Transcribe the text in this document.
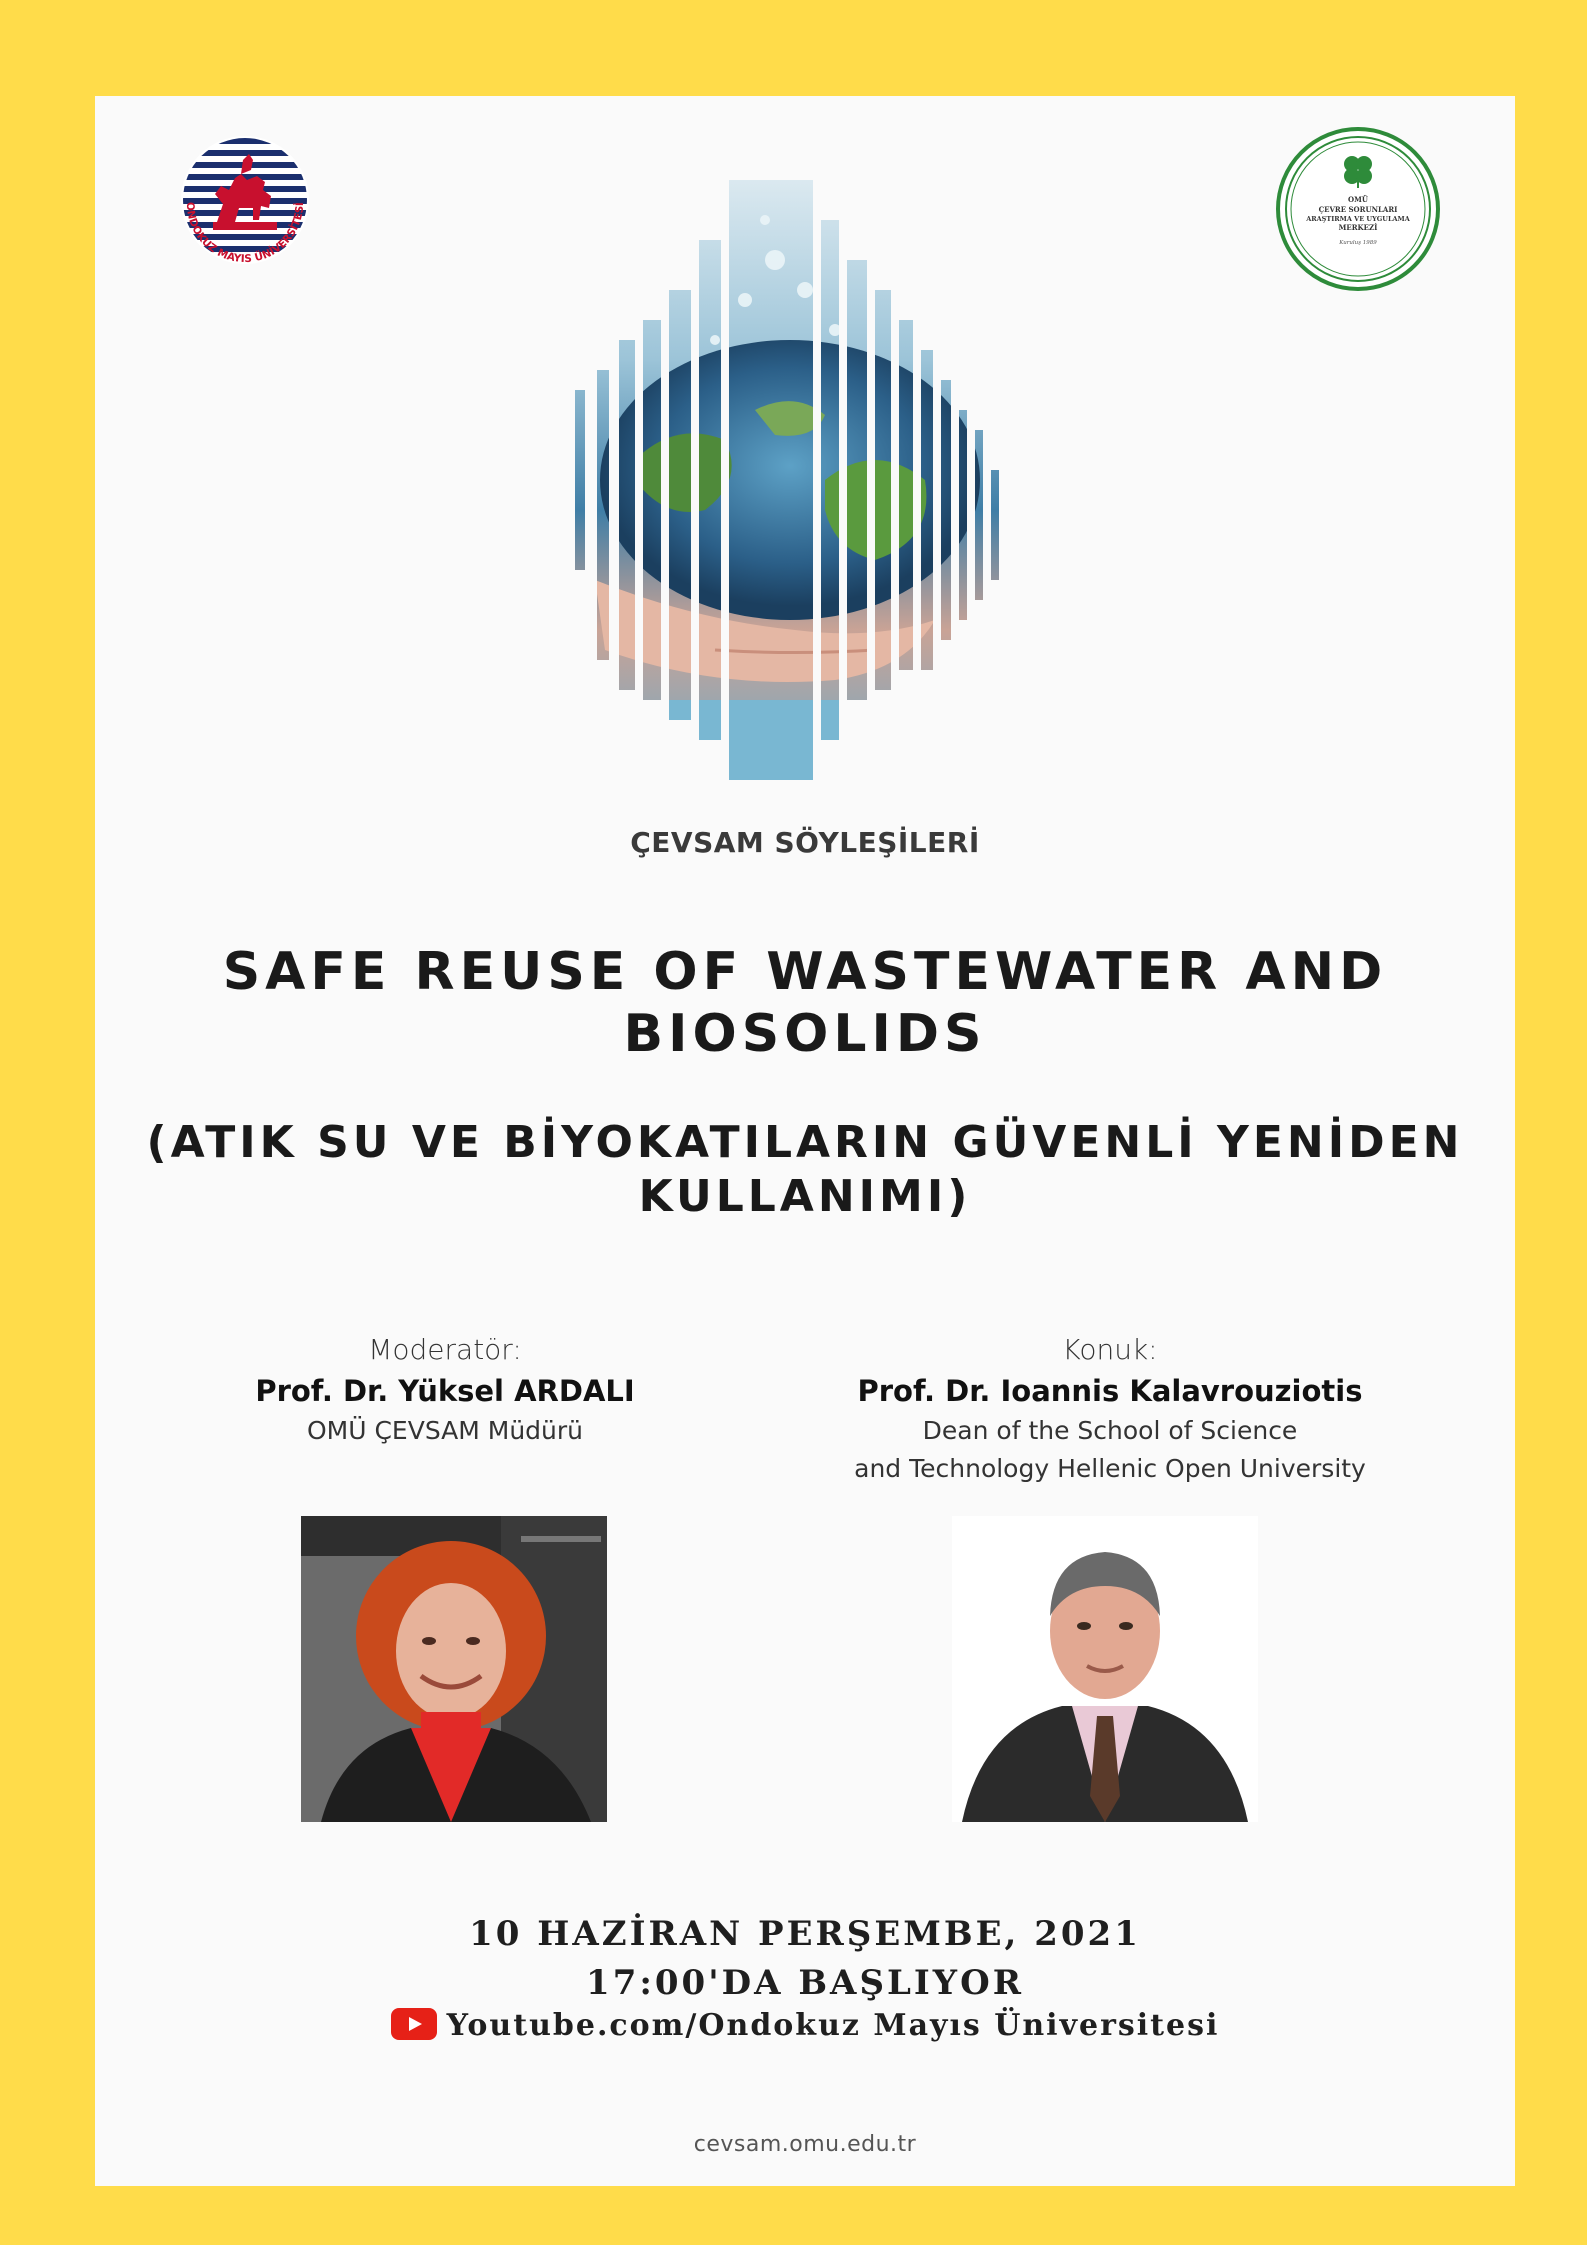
ONDOKUZ MAYIS ÜNİVERSİTESİ
OMÜ
ÇEVRE SORUNLARI
ARAŞTIRMA VE UYGULAMA
MERKEZİ
Kuruluş 1989
ÇEVSAM SÖYLEŞİLERİ
SAFE REUSE OF WASTEWATER AND
BIOSOLIDS
(ATIK SU VE BİYOKATILARIN GÜVENLİ YENİDEN
KULLANIMI)
Moderatör:
Prof. Dr. Yüksel ARDALI
OMÜ ÇEVSAM Müdürü
Konuk:
Prof. Dr. Ioannis Kalavrouziotis
Dean of the School of Science
and Technology Hellenic Open University
10 HAZİRAN PERŞEMBE, 2021
17:00'DA BAŞLIYOR
Youtube.com/Ondokuz Mayıs Üniversitesi
cevsam.omu.edu.tr
